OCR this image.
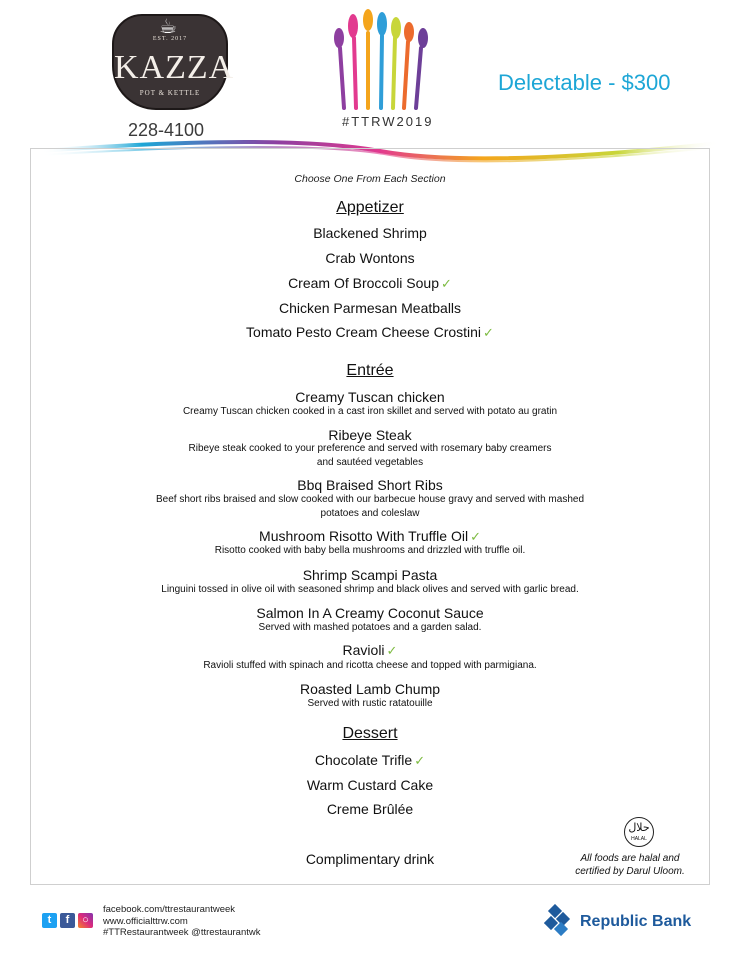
☕
EST. 2017
KAZZA
POT & KETTLE
228-4100	#TTRW2019
Delectable - $300
Choose One From Each Section
Appetizer
Blackened Shrimp
Crab Wontons
Cream Of Broccoli Soup ✓
Chicken Parmesan Meatballs
Tomato Pesto Cream Cheese Crostini ✓
Entrée
Creamy Tuscan chicken
Creamy Tuscan chicken cooked in a cast iron skillet and served with potato au gratin
Ribeye Steak
Ribeye steak cooked to your preference and served with rosemary baby creamers
and sautéed vegetables
Bbq Braised Short Ribs
Beef short ribs braised and slow cooked with our barbecue house gravy and served with mashed
potatoes and coleslaw
Mushroom Risotto With Truffle Oil ✓
Risotto cooked with baby bella mushrooms and drizzled with truffle oil.
Shrimp Scampi Pasta
Linguini tossed in olive oil with seasoned shrimp and black olives and served with garlic bread.
Salmon In A Creamy Coconut Sauce
Served with mashed potatoes and a garden salad.
Ravioli ✓
Ravioli stuffed with spinach and ricotta cheese and topped with parmigiana.
Roasted Lamb Chump
Served with rustic ratatouille
Dessert
Chocolate Trifle ✓
Warm Custard Cake
Creme Brûlée
Complimentary drink
حلال
HALAL
All foods are halal and
certified by Darul Uloom.
t f ○
facebook.com/ttrestaurantweek
www.officialttrw.com
#TTRestaurantweek @ttrestaurantwk
Republic Bank
